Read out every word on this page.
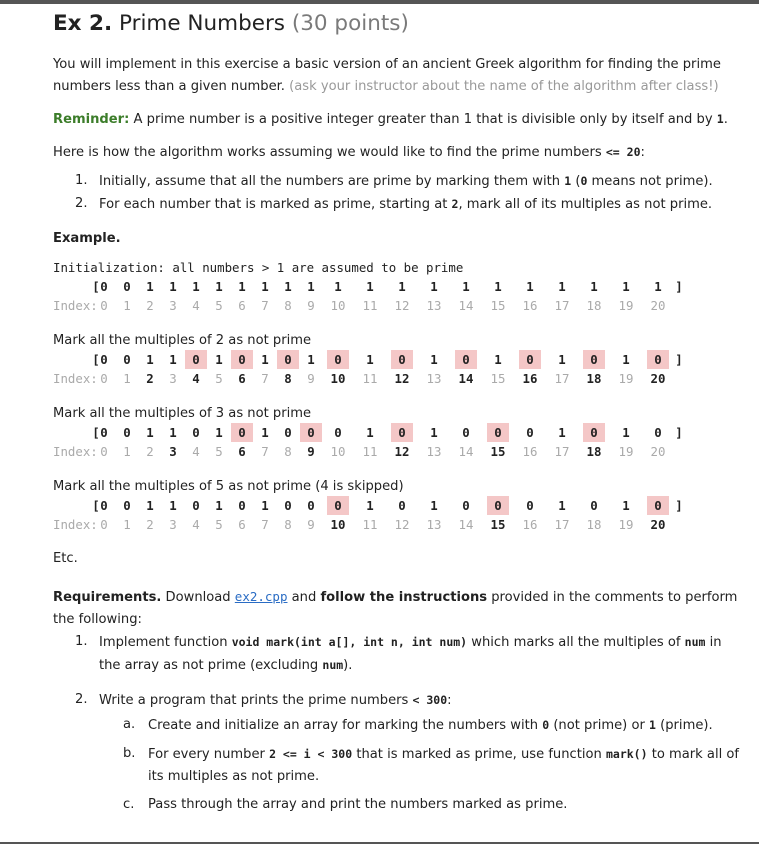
Ex 2. Prime Numbers (30 points)

You will implement in this exercise a basic version of an ancient Greek algorithm for finding the prime numbers less than a given number. (ask your instructor about the name of the algorithm after class!)

Reminder: A prime number is a positive integer greater than 1 that is divisible only by itself and by 1.

Here is how the algorithm works assuming we would like to find the prime numbers <= 20:

1. Initially, assume that all the numbers are prime by marking them with 1 (0 means not prime).
2. For each number that is marked as prime, starting at 2, mark all of its multiples as not prime.

Example.

Initialization: all numbers > 1 are assumed to be prime
[ 0	0	1	1	1	1	1	1	1	1	1	1	1	1	1	1	1	1	1	1	1	]
Index: 0	1	2	3	4	5	6	7	8	9	10 11 12 13 14 15 16 17 18 19 20
Mark all the multiples of 2 as not prime
[ 0	0	1	1	0	1	0	1	0	1	0	1	0	1	0	1	0	1	0	1	0	]
Index: 0	1	2	3	4	5	6	7	8	9	10 11 12 13 14 15 16 17 18 19 20
Mark all the multiples of 3 as not prime
[ 0	0	1	1	0	1	0	1	0	0	0	1	0	1	0	0	0	1	0	1	0	]
Index: 0	1	2	3	4	5	6	7	8	9	10 11 12 13 14 15 16 17 18 19 20
Mark all the multiples of 5 as not prime (4 is skipped)
[ 0	0	1	1	0	1	0	1	0	0	0	1	0	1	0	0	0	1	0	1	0	]
Index: 0	1	2	3	4	5	6	7	8	9	10 11 12 13 14 15 16 17 18 19 20

Etc.

Requirements. Download ex2.cpp and follow the instructions provided in the comments to perform the following:

1. Implement function void mark(int a[], int n, int num) which marks all the multiples of num in the array as not prime (excluding num).
2. Write a program that prints the prime numbers < 300:
a. Create and initialize an array for marking the numbers with 0 (not prime) or 1 (prime).
b. For every number 2 <= i < 300 that is marked as prime, use function mark() to mark all of its multiples as not prime.
c. Pass through the array and print the numbers marked as prime.
